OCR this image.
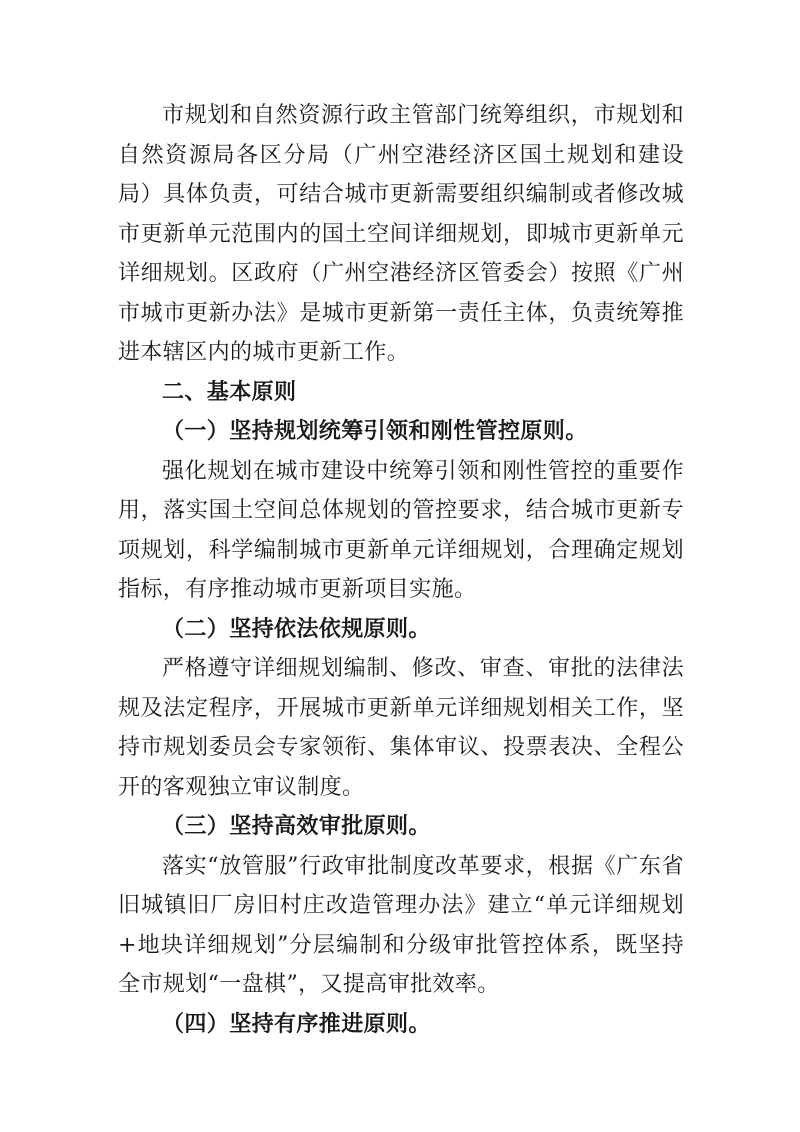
市规划和自然资源行政主管部门统筹组织，市规划和自然资源局各区分局（广州空港经济区国土规划和建设局）具体负责，可结合城市更新需要组织编制或者修改城市更新单元范围内的国土空间详细规划，即城市更新单元详细规划。区政府（广州空港经济区管委会）按照《广州市城市更新办法》是城市更新第一责任主体，负责统筹推进本辖区内的城市更新工作。

二、基本原则

（一）坚持规划统筹引领和刚性管控原则。

强化规划在城市建设中统筹引领和刚性管控的重要作用，落实国土空间总体规划的管控要求，结合城市更新专项规划，科学编制城市更新单元详细规划，合理确定规划指标，有序推动城市更新项目实施。

（二）坚持依法依规原则。

严格遵守详细规划编制、修改、审查、审批的法律法规及法定程序，开展城市更新单元详细规划相关工作，坚持市规划委员会专家领衔、集体审议、投票表决、全程公开的客观独立审议制度。

（三）坚持高效审批原则。

落实“放管服”行政审批制度改革要求，根据《广东省旧城镇旧厂房旧村庄改造管理办法》建立“单元详细规划+地块详细规划”分层编制和分级审批管控体系，既坚持全市规划“一盘棋”，又提高审批效率。

（四）坚持有序推进原则。
